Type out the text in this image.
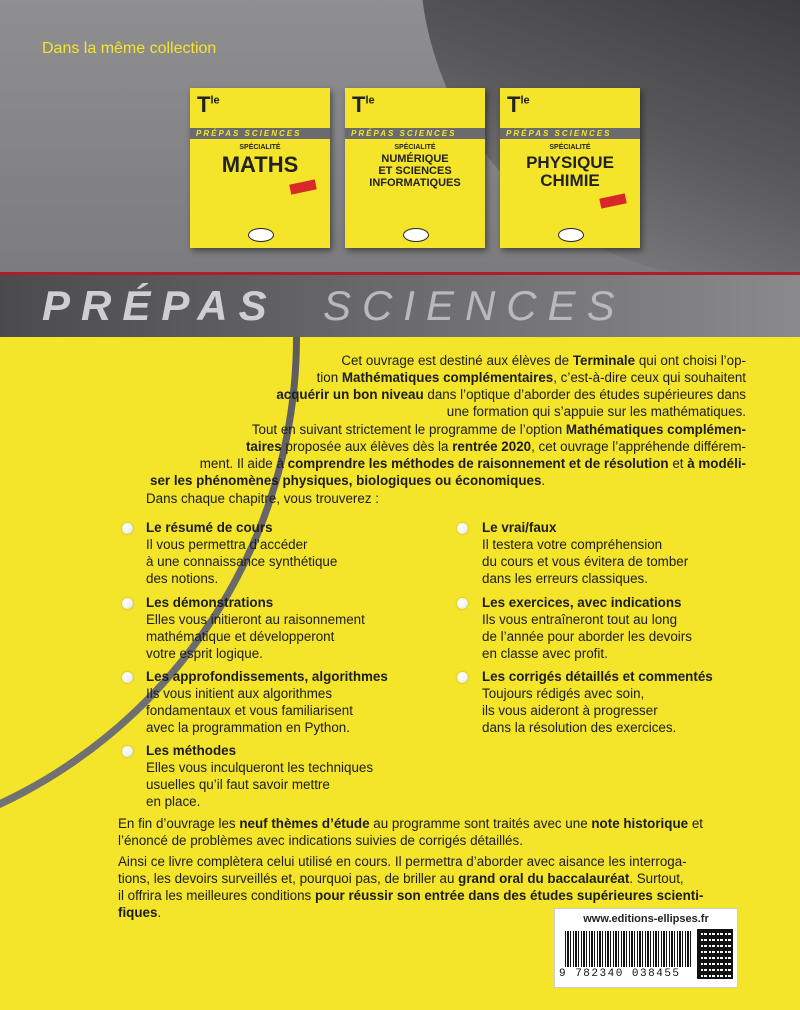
Dans la même collection
$T^{le}$
PRÉPAS SCIENCES
SPÉCIALITÉ
MATHS
$T^{le}$
PRÉPAS SCIENCES
SPÉCIALITÉ
NUMÉRIQUE
ET SCIENCES
INFORMATIQUES
$T^{le}$
PRÉPAS SCIENCES
SPÉCIALITÉ
PHYSIQUE
CHIMIE
PRÉPAS SCIENCES
Cet ouvrage est destiné aux élèves de Terminale qui ont choisi l’op-
tion Mathématiques complémentaires, c’est-à-dire ceux qui souhaitent
acquérir un bon niveau dans l’optique d’aborder des études supérieures dans
une formation qui s’appuie sur les mathématiques.
Tout en suivant strictement le programme de l’option Mathématiques complémen-
taires proposée aux élèves dès la rentrée 2020, cet ouvrage l’appréhende différem-
ment. Il aide à comprendre les méthodes de raisonnement et de résolution et à modéli-

ser les phénomènes physiques, biologiques ou économiques.
Dans chaque chapitre, vous trouverez :
Le résumé de cours
Il vous permettra d’accéder
à une connaissance synthétique
des notions.
Les démonstrations
Elles vous initieront au raisonnement
mathématique et développeront
votre esprit logique.
Les approfondissements, algorithmes
Ils vous initient aux algorithmes
fondamentaux et vous familiarisent
avec la programmation en Python.
Les méthodes
Elles vous inculqueront les techniques
usuelles qu’il faut savoir mettre
en place.
Le vrai/faux
Il testera votre compréhension
du cours et vous évitera de tomber
dans les erreurs classiques.
Les exercices, avec indications
Ils vous entraîneront tout au long
de l’année pour aborder les devoirs
en classe avec profit.
Les corrigés détaillés et commentés
Toujours rédigés avec soin,
ils vous aideront à progresser
dans la résolution des exercices.
En fin d’ouvrage les neuf thèmes d’étude au programme sont traités avec une note historique et
l’énoncé de problèmes avec indications suivies de corrigés détaillés.
Ainsi ce livre complètera celui utilisé en cours. Il permettra d’aborder avec aisance les interroga-
tions, les devoirs surveillés et, pourquoi pas, de briller au grand oral du baccalauréat. Surtout,
il offrira les meilleures conditions pour réussir son entrée dans des études supérieures scienti-
fiques.	www.editions-ellipses.fr
9 782340 038455
